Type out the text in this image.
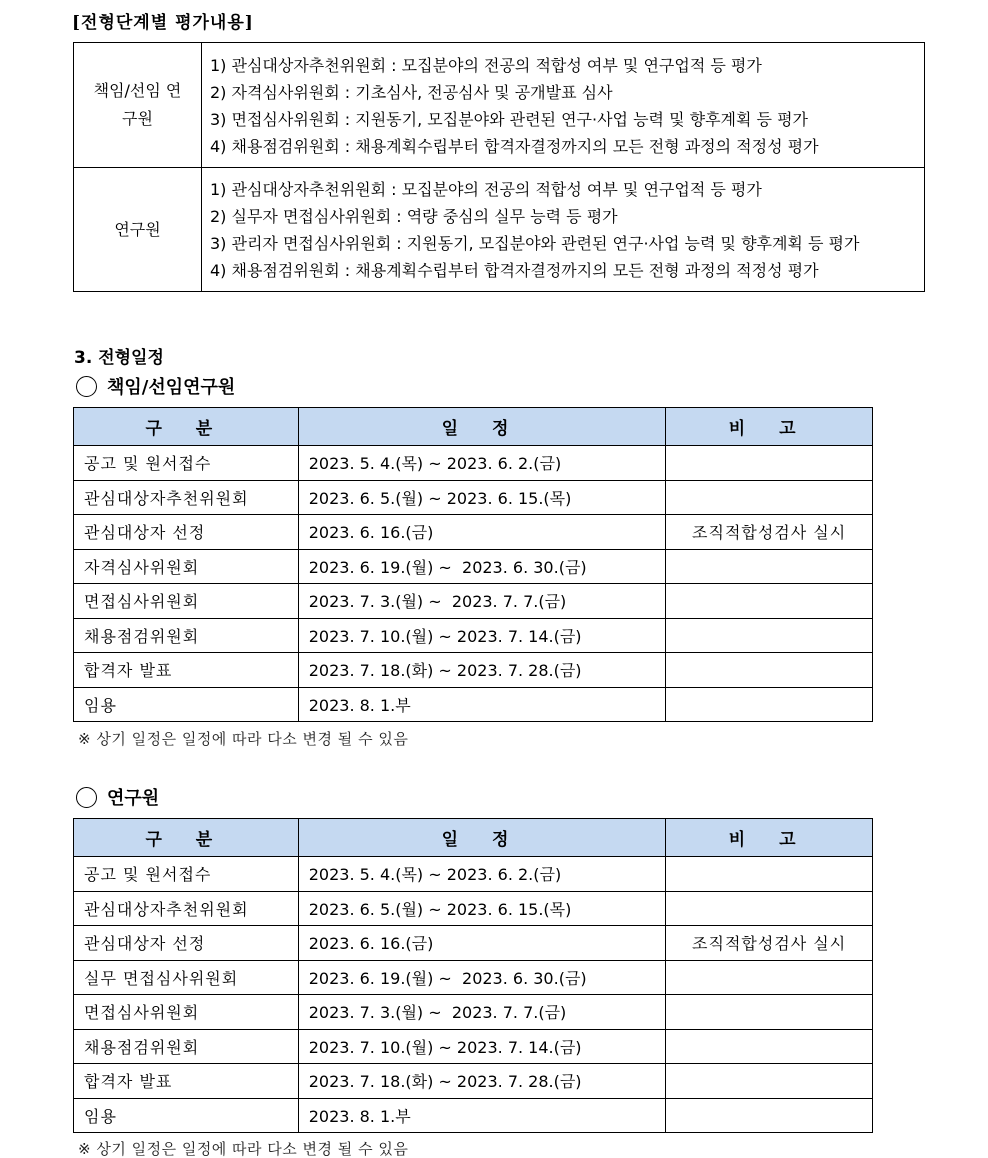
[전형단계별 평가내용]
책임/선임 연구원	1) 관심대상자추천위원회 : 모집분야의 전공의 적합성 여부 및 연구업적 등 평가
2) 자격심사위원회 : 기초심사, 전공심사 및 공개발표 심사
3) 면접심사위원회 : 지원동기, 모집분야와 관련된 연구·사업 능력 및 향후계획 등 평가
4) 채용점검위원회 : 채용계획수립부터 합격자결정까지의 모든 전형 과정의 적정성 평가

연구원	1) 관심대상자추천위원회 : 모집분야의 전공의 적합성 여부 및 연구업적 등 평가
2) 실무자 면접심사위원회 : 역량 중심의 실무 능력 등 평가
3) 관리자 면접심사위원회 : 지원동기, 모집분야와 관련된 연구·사업 능력 및 향후계획 등 평가
4) 채용점검위원회 : 채용계획수립부터 합격자결정까지의 모든 전형 과정의 적정성 평가
3. 전형일정
책임/선임연구원
구 분	일 정	비 고
공고 및 원서접수	2023. 5. 4.(목) ~ 2023. 6. 2.(금)	
관심대상자추천위원회	2023. 6. 5.(월) ~ 2023. 6. 15.(목)	
관심대상자 선정	2023. 6. 16.(금)	조직적합성검사 실시
자격심사위원회	2023. 6. 19.(월) ~  2023. 6. 30.(금)	
면접심사위원회	2023. 7. 3.(월) ~  2023. 7. 7.(금)	
채용점검위원회	2023. 7. 10.(월) ~ 2023. 7. 14.(금)	
합격자 발표	2023. 7. 18.(화) ~ 2023. 7. 28.(금)	
임용	2023. 8. 1.부	
※ 상기 일정은 일정에 따라 다소 변경 될 수 있음
연구원
구 분	일 정	비 고
공고 및 원서접수	2023. 5. 4.(목) ~ 2023. 6. 2.(금)	
관심대상자추천위원회	2023. 6. 5.(월) ~ 2023. 6. 15.(목)	
관심대상자 선정	2023. 6. 16.(금)	조직적합성검사 실시
실무 면접심사위원회	2023. 6. 19.(월) ~  2023. 6. 30.(금)	
면접심사위원회	2023. 7. 3.(월) ~  2023. 7. 7.(금)	
채용점검위원회	2023. 7. 10.(월) ~ 2023. 7. 14.(금)	
합격자 발표	2023. 7. 18.(화) ~ 2023. 7. 28.(금)	
임용	2023. 8. 1.부	
※ 상기 일정은 일정에 따라 다소 변경 될 수 있음
